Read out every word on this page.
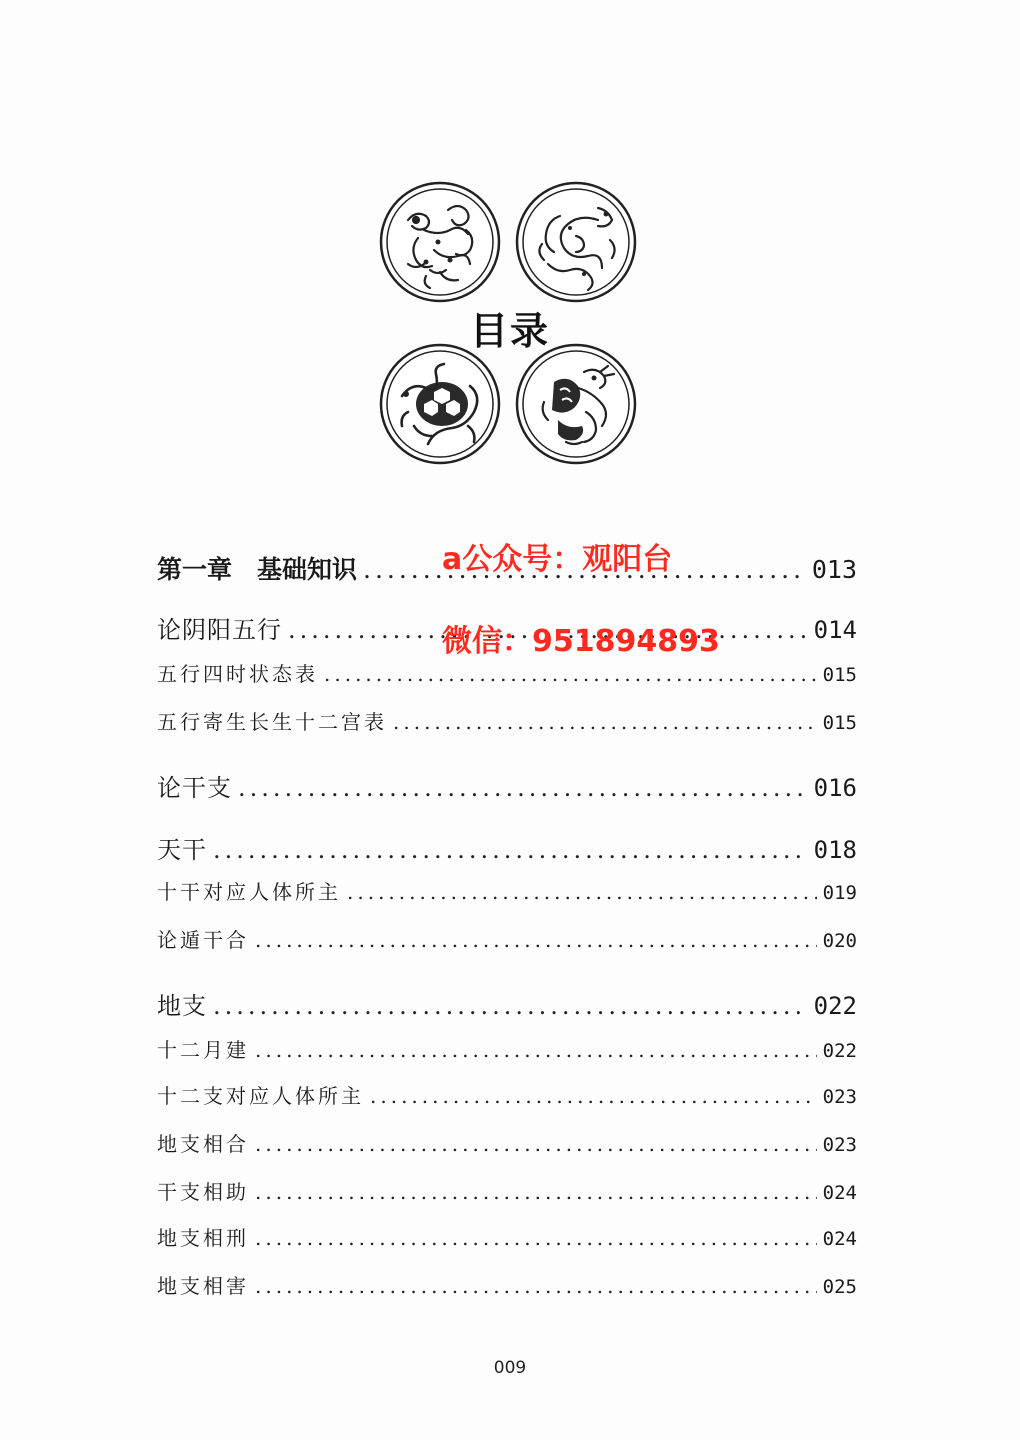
目录
第一章　基础知识 .....	013
论阴阳五行 .....	014
五行四时状态表 .....	015
五行寄生长生十二宫表 .....	015
论干支 .....	016
天干 .....	018
十干对应人体所主 .....	019
论遁干合 .....	020
地支 .....	022
十二月建 .....	022
十二支对应人体所主 .....	023
地支相合 .....	023
干支相助 .....	024
地支相刑 .....	024
地支相害 .....	025
a公众号：观阳台
微信：951894893
009
